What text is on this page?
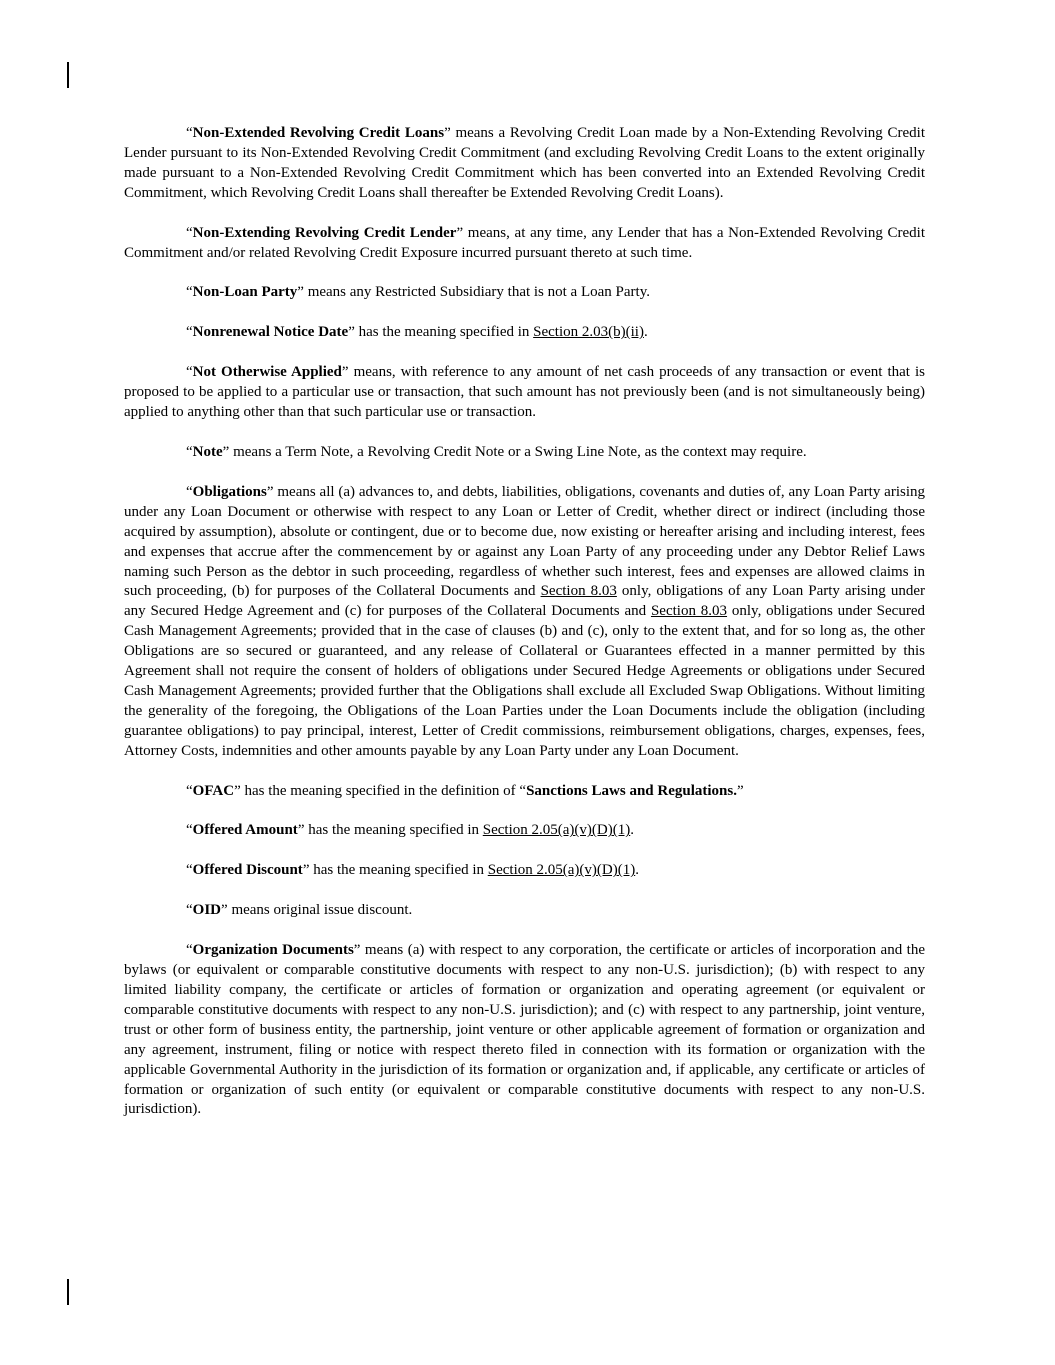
“Non-Extended Revolving Credit Loans” means a Revolving Credit Loan made by a Non-Extending Revolving Credit Lender pursuant to its Non-Extended Revolving Credit Commitment (and excluding Revolving Credit Loans to the extent originally made pursuant to a Non-Extended Revolving Credit Commitment which has been converted into an Extended Revolving Credit Commitment, which Revolving Credit Loans shall thereafter be Extended Revolving Credit Loans).

“Non-Extending Revolving Credit Lender” means, at any time, any Lender that has a Non-Extended Revolving Credit Commitment and/or related Revolving Credit Exposure incurred pursuant thereto at such time.

“Non-Loan Party” means any Restricted Subsidiary that is not a Loan Party.

“Nonrenewal Notice Date” has the meaning specified in Section 2.03(b)(ii).

“Not Otherwise Applied” means, with reference to any amount of net cash proceeds of any transaction or event that is proposed to be applied to a particular use or transaction, that such amount has not previously been (and is not simultaneously being) applied to anything other than that such particular use or transaction.

“Note” means a Term Note, a Revolving Credit Note or a Swing Line Note, as the context may require.

“Obligations” means all (a) advances to, and debts, liabilities, obligations, covenants and duties of, any Loan Party arising under any Loan Document or otherwise with respect to any Loan or Letter of Credit, whether direct or indirect (including those acquired by assumption), absolute or contingent, due or to become due, now existing or hereafter arising and including interest, fees and expenses that accrue after the commencement by or against any Loan Party of any proceeding under any Debtor Relief Laws naming such Person as the debtor in such proceeding, regardless of whether such interest, fees and expenses are allowed claims in such proceeding, (b) for purposes of the Collateral Documents and Section 8.03 only, obligations of any Loan Party arising under any Secured Hedge Agreement and (c) for purposes of the Collateral Documents and Section 8.03 only, obligations under Secured Cash Management Agreements; provided that in the case of clauses (b) and (c), only to the extent that, and for so long as, the other Obligations are so secured or guaranteed, and any release of Collateral or Guarantees effected in a manner permitted by this Agreement shall not require the consent of holders of obligations under Secured Hedge Agreements or obligations under Secured Cash Management Agreements; provided further that the Obligations shall exclude all Excluded Swap Obligations. Without limiting the generality of the foregoing, the Obligations of the Loan Parties under the Loan Documents include the obligation (including guarantee obligations) to pay principal, interest, Letter of Credit commissions, reimbursement obligations, charges, expenses, fees, Attorney Costs, indemnities and other amounts payable by any Loan Party under any Loan Document.

“OFAC” has the meaning specified in the definition of “Sanctions Laws and Regulations.”

“Offered Amount” has the meaning specified in Section 2.05(a)(v)(D)(1).

“Offered Discount” has the meaning specified in Section 2.05(a)(v)(D)(1).

“OID” means original issue discount.

“Organization Documents” means (a) with respect to any corporation, the certificate or articles of incorporation and the bylaws (or equivalent or comparable constitutive documents with respect to any non-U.S. jurisdiction); (b) with respect to any limited liability company, the certificate or articles of formation or organization and operating agreement (or equivalent or comparable constitutive documents with respect to any non-U.S. jurisdiction); and (c) with respect to any partnership, joint venture, trust or other form of business entity, the partnership, joint venture or other applicable agreement of formation or organization and any agreement, instrument, filing or notice with respect thereto filed in connection with its formation or organization with the applicable Governmental Authority in the jurisdiction of its formation or organization and, if applicable, any certificate or articles of formation or organization of such entity (or equivalent or comparable constitutive documents with respect to any non-U.S. jurisdiction).
